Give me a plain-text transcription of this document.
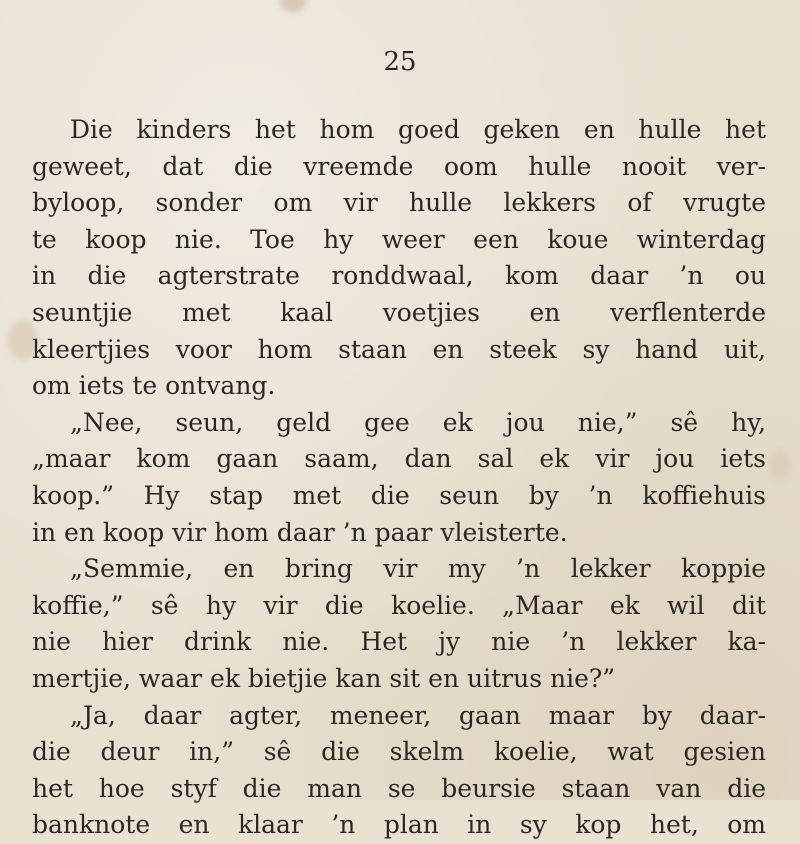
25
Die kinders het hom goed geken en hulle het
geweet, dat die vreemde oom hulle nooit ver-
byloop, sonder om vir hulle lekkers of vrugte
te koop nie. Toe hy weer een koue winterdag
in die agterstrate ronddwaal, kom daar ’n ou
seuntjie met kaal voetjies en verflenterde
kleertjies voor hom staan en steek sy hand uit,
om iets te ontvang.
„Nee, seun, geld gee ek jou nie,” sê hy,
„maar kom gaan saam, dan sal ek vir jou iets
koop.” Hy stap met die seun by ’n koffiehuis
in en koop vir hom daar ’n paar vleisterte.
„Semmie, en bring vir my ’n lekker koppie
koffie,” sê hy vir die koelie. „Maar ek wil dit
nie hier drink nie. Het jy nie ’n lekker ka-
mertjie, waar ek bietjie kan sit en uitrus nie?”
„Ja, daar agter, meneer, gaan maar by daar-
die deur in,” sê die skelm koelie, wat gesien
het hoe styf die man se beursie staan van die
banknote en klaar ’n plan in sy kop het, om
